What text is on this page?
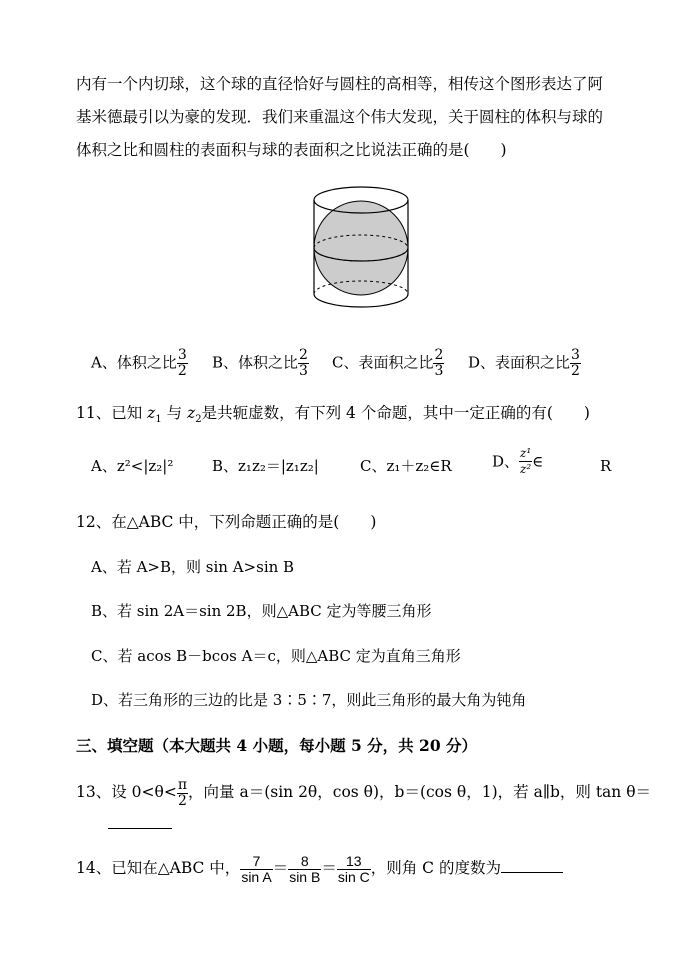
内有一个内切球，这个球的直径恰好与圆柱的高相等，相传这个图形表达了阿
基米德最引以为豪的发现．我们来重温这个伟大发现，关于圆柱的体积与球的
体积之比和圆柱的表面积与球的表面积之比说法正确的是(　　)
A、体积之比 $\frac{3}{2}$ B、体积之比 $\frac{2}{3}$ C、表面积之比 $\frac{2}{3}$ D、表面积之比 $\frac{3}{2}$
11、已知 $z_1$ 与 $z_2$是共轭虚数，有下列 4 个命题，其中一定正确的有(　　)
A、z²<|z₂|²	B、z₁z₂＝|z₁z₂|	C、z₁＋z₂∈R	D、 $\frac{\text{z¹}}{\text{z²}}$ ∈	R
12、在△ABC 中，下列命题正确的是(　　)
A、若 A>B，则 sin A>sin B
B、若 sin 2A＝sin 2B，则△ABC 定为等腰三角形
C、若 acos B－bcos A＝c，则△ABC 定为直角三角形
D、若三角形的三边的比是 3∶5∶7，则此三角形的最大角为钝角
三、填空题（本大题共 4 小题，每小题 5 分，共 20 分）
13、设 $0<\theta< \frac{\pi}{2}$ ，向量 a＝(sin 2θ，cos θ)，b＝(cos θ，1)，若 a∥b，则 tan θ＝
14、已知在△ABC 中， $\frac{7}{\text{sin A}} = \frac{8}{\text{sin B}} = \frac{13}{\text{sin C}}$ ，则角 C 的度数为
